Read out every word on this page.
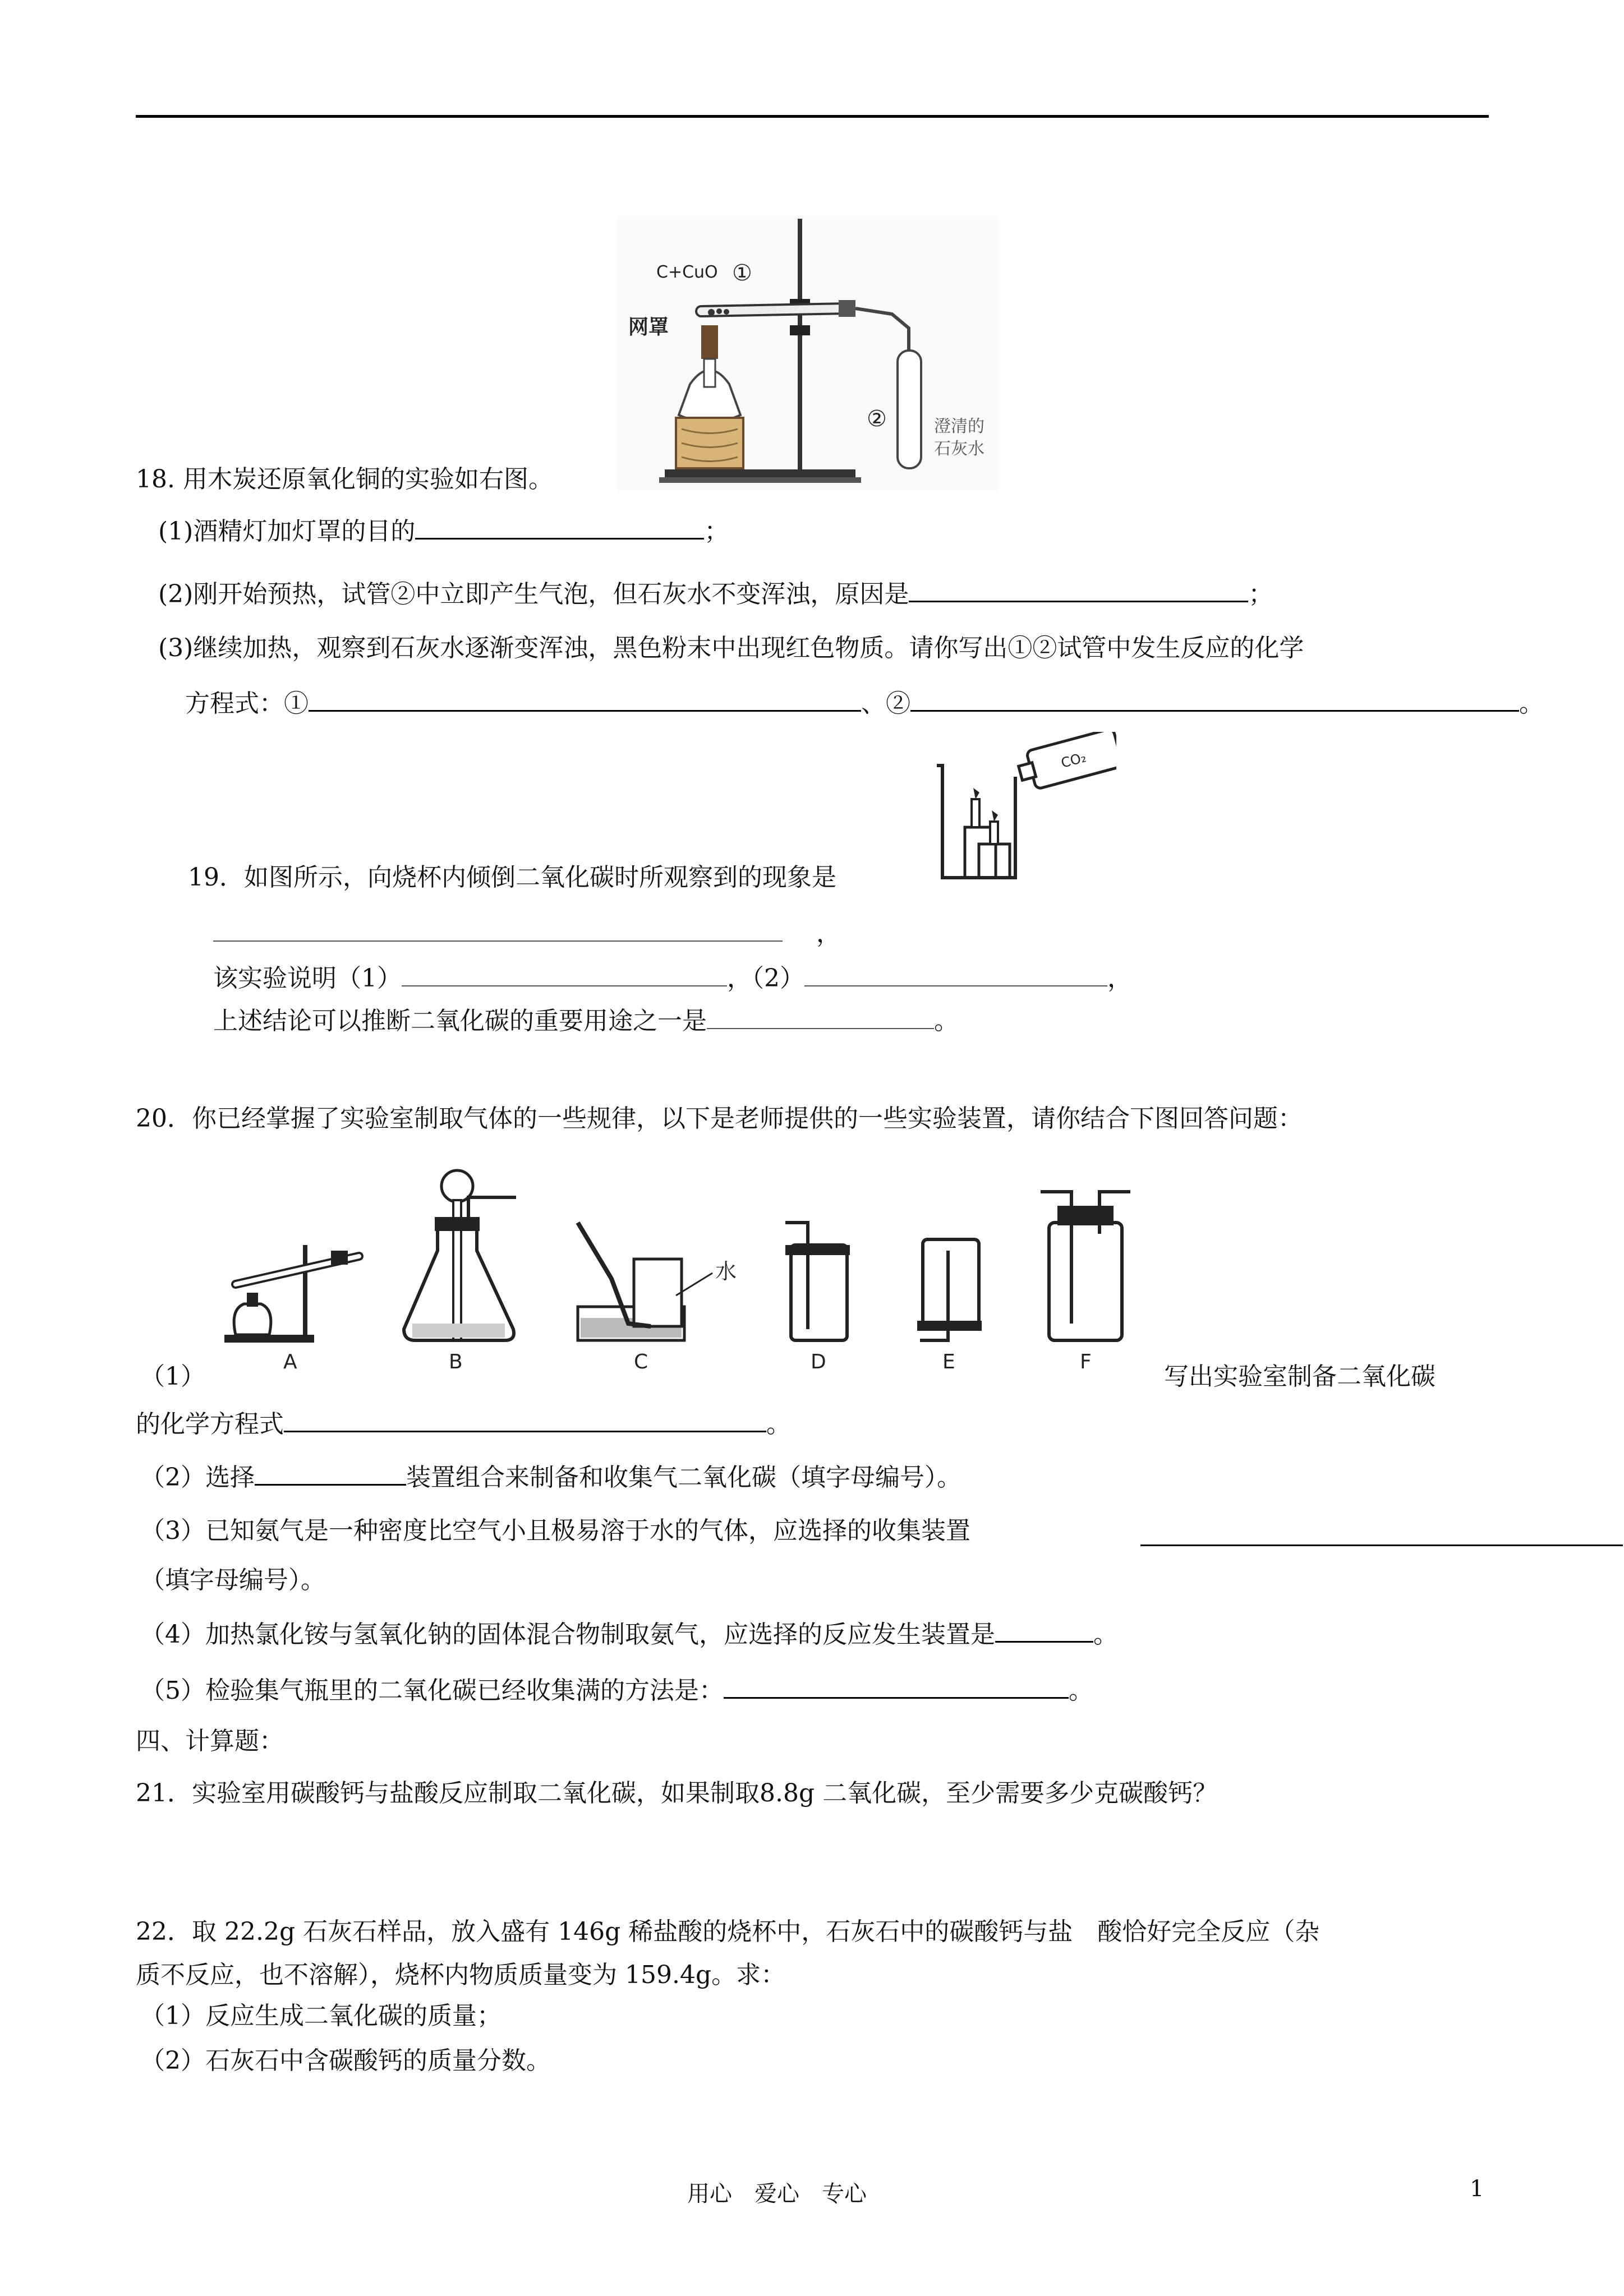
C+CuO ①
网罩
②	澄清的
石灰水
18. 用木炭还原氧化铜的实验如右图。
(1)酒精灯加灯罩的目的	；
(2)刚开始预热，试管②中立即产生气泡，但石灰水不变浑浊，原因是	；
(3)继续加热，观察到石灰水逐渐变浑浊，黑色粉末中出现红色物质。请你写出①②试管中发生反应的化学
方程式：①	、②	。
CO₂
19．如图所示，向烧杯内倾倒二氧化碳时所观察到的现象是
，
该实验说明（1）	，（2）	，
上述结论可以推断二氧化碳的重要用途之一是	。
20．你已经掌握了实验室制取气体的一些规律，以下是老师提供的一些实验装置，请你结合下图回答问题：
A	B
水
C	D	E	F
（1）	写出实验室制备二氧化碳
的化学方程式	。
（2）选择	装置组合来制备和收集气二氧化碳（填字母编号）。
（3）已知氨气是一种密度比空气小且极易溶于水的气体，应选择的收集装置
（填字母编号）。
（4）加热氯化铵与氢氧化钠的固体混合物制取氨气，应选择的反应发生装置是	。
（5）检验集气瓶里的二氧化碳已经收集满的方法是：	。
四、计算题：
21．实验室用碳酸钙与盐酸反应制取二氧化碳，如果制取8.8g 二氧化碳，至少需要多少克碳酸钙？
22．取 22.2g 石灰石样品，放入盛有 146g 稀盐酸的烧杯中，石灰石中的碳酸钙与盐　酸恰好完全反应（杂
质不反应，也不溶解），烧杯内物质质量变为 159.4g。求：
（1）反应生成二氧化碳的质量；
（2）石灰石中含碳酸钙的质量分数。
用心　爱心　专心	1
